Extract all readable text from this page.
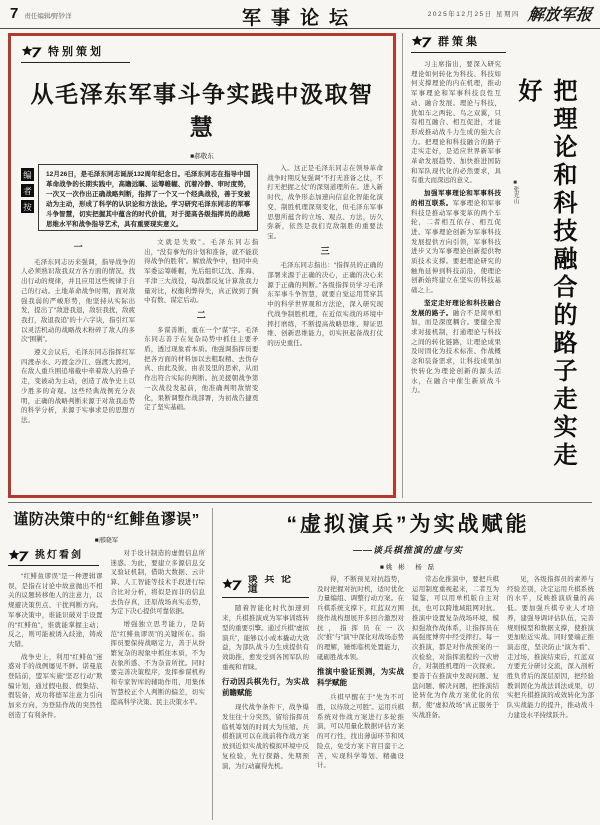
7 责任编辑/野钞洋	军事论坛	2025年12月25日 星期四 解放军报
特别策划
从毛泽东军事斗争实践中汲取智慧
■郝敬东
编
者
按
12月26日，是毛泽东同志诞辰132周年纪念日。毛泽东同志在指导中国革命战争的长期实践中，高瞻远瞩、运筹帷幄、沉着冷静、审时度势，一次又一次作出正确战略判断，指挥了一个又一个经典战役，善于变被动为主动，形成了科学的认识论和方法论。学习研究毛泽东同志的军事斗争智慧，切实把握其中蕴含的时代价值，对于提高各级指挥员的战略思维水平和战争指导艺术，具有重要现实意义。
一

毛泽东同志历来强调，指导战争的人必须熟识敌我双方各方面的情况，找出行动的规律，并且应用这些规律于自己的行动。土地革命战争时期，面对敌强我弱的严峻形势，他坚持从实际出发，提出了“敌进我退，敌驻我扰，敌疲我打，敌退我追”的十六字诀，指引红军以灵活机动的战略战术粉碎了敌人的多次“围剿”。

遵义会议后，毛泽东同志指挥红军四渡赤水、巧渡金沙江、强渡大渡河，在敌人重兵围追堵截中牵着敌人的鼻子走，变被动为主动，创造了战争史上以少胜多的奇观。这些经典战例充分表明，正确的战略判断来源于对敌我态势的科学分析，来源于实事求是的思想方法。

文就是失败”。毛泽东同志指出，“没有事先的计划和准备，就不能获得战争的胜利”。解放战争中，他同中央军委运筹帷幄，先后组织辽沈、淮海、平津三大战役，每战都反复计算敌我力量对比，权衡利弊得失，真正做到了胸中有数、谋定后动。

二

多谋善断，重在一个“谋”字。毛泽东同志善于在复杂局势中抓住主要矛盾，透过现象看本质。他强调指挥员要把各方面的材料加以去粗取精、去伪存真、由此及彼、由表及里的思索，从而作出符合实际的判断。抗美援朝战争第一次战役发起前，他准确判明敌情变化，果断调整作战部署，为初战告捷奠定了坚实基础。

入。这正是毛泽东同志在领导革命战争时期反复强调“不打无准备之仗，不打无把握之仗”的深刻道理所在。进入新时代，战争形态加速向信息化智能化演变，制胜机理深刻变化，但毛泽东军事思想所蕴含的立场、观点、方法，历久弥新，依然是我们克敌制胜的重要法宝。

三

毛泽东同志指出：“指挥员的正确的部署来源于正确的决心，正确的决心来源于正确的判断。”各级指挥员学习毛泽东军事斗争智慧，就要自觉运用贯穿其中的科学世界观和方法论，深入研究现代战争制胜机理，在近似实战的环境中摔打磨练，不断提高战略思维、辩证思维、创新思维能力，切实担起备战打仗的历史重任。

群策集

习主席指出，要深入研究理论如何转化为科技、科技如何支撑理论的内在机理，推动军事理论和军事科技良性互动、融合发展。理论与科技，犹如车之两轮、鸟之双翼，只有相互融合、相互促进，才能形成推动战斗力生成的强大合力。把理论和科技融合的路子走实走好，是适应世界新军事革命发展趋势、加快推进国防和军队现代化的必然要求，具有重大而深远的意义。

加强军事理论和军事科技的相互联系。军事理论和军事科技是推动军事变革的两个车轮，二者相互依存、相互促进。军事理论创新为军事科技发展提供方向引领，军事科技进步又为军事理论创新提供物质技术支撑。要把理论研究的触角延伸到科技前沿，使理论创新始终建立在坚实的科技基础之上。

坚定走好理论和科技融合发展的路子。融合不是简单相加，而是深度耦合。要健全需求对接机制，打通理论与科技之间的转化链路，让理论成果及时固化为技术标准、作战概念和装备需求，让科技成果加快转化为理论创新的源头活水，在融合中催生新质战斗力。

■张光山	把理论和科技融合的路子走实走好
谨防决策中的“红鲱鱼谬误”
■邢晓军
挑灯看剑

“红鲱鱼谬误”是一种逻辑谬误，是指在讨论中故意抛出不相关的议题转移他人的注意力，以规避决策焦点、干扰判断方向。军事决策中，谁能识破对手设置的“红鲱鱼”，谁就能掌握主动；反之，则可能被诱入歧途，铸成大错。

战争史上，利用“红鲱鱼”迷惑对手的战例屡见不鲜。诺曼底登陆前，盟军实施“坚忍行动”欺骗计划，通过假电报、假集结、假装备，成功将德军注意力引向加来方向，为登陆作战的突然性创造了有利条件。

对手设计制造的虚假信息所迷惑。为此，要建立多源信息交叉验证机制，借助大数据、云计算、人工智能等技术手段进行综合比对分析，将似是而非的信息去伪存真，还原战场真实态势，为定下决心提供可靠依据。

增强独立思考能力，是防范“红鲱鱼谬误”的关键所在。指挥员要保持战略定力，善于从纷繁复杂的现象中抓住本质，不为表象所惑、不为杂音所扰。同时要完善决策程序，发挥参谋机构和专家智库的辅助作用，用集体智慧校正个人判断的偏差，切实提高科学决策、民主决策水平。

“虚拟演兵”为实战赋能
——谈兵棋推演的虚与实
■姚 彬　杨 磊
谈兵论道

随着智能化时代加速到来，兵棋推演成为军事训练转型的重要引擎。通过兵棋“虚拟演兵”，能够以小成本撬动大效益，为部队战斗力生成提供有效助推，愈发受到各国军队的重视和青睐。

行动因兵棋先行，为实战前瞻赋能

现代战争条件下，战争爆发往往十分突然，留给指挥员临机筹划的时间大为压缩。兵棋推演可以在战前将作战方案放到近似实战的模拟环境中反复检验，先行探路、先期预演，为行动赢得先机。

得，不断预见对抗趋势，及时把握对抗时机，适时优化力量编组、调整行动方案。在兵棋系统支撑下，红蓝双方围绕作战构想展开多回合激烈对抗，指挥员在一次次“推”与“演”中深化对战场态势的理解，锤炼临机处置能力，砥砺胜战本领。

推演中验证预测，为实战科学赋能

兵棋早醒在于“先为不可胜，以待敌之可胜”。运用兵棋系统对作战方案进行多轮推演，可以用量化数据评估方案的可行性，找出薄弱环节和风险点，免受方案下盲目蛮干之苦，实现科学筹划、精确设计。

常态化推演中，要把兵棋运用制度重视起来，二者互为镜鉴，可以用单机版自主对抗，也可以跨地域组网对抗。推演中设置复杂战场环境，模拟强敌作战体系，让指挥员在高强度博弈中经受摔打。每一次推演，都是对作战预案的一次检验，对指挥流程的一次磨合，对制胜机理的一次探索。要善于在推演中发现问题、复盘问题、解决问题，把推演结论转化为作战方案优化的依据，使“虚拟战场”真正服务于实战准备。

见，各级指挥员的素养与经验差别，决定运用兵棋系统的水平，反映推演质量的高低。要加强兵棋专业人才培养，建强导调评估队伍，完善规则模型和数据支撑，使推演更加贴近实战。同时要端正推演态度，坚决防止“演为看”、走过场，推演结束后，红蓝双方要充分研讨交流，深入剖析胜负背后的深层原因，把经验教训固化为战法训法成果，切实把兵棋推演的成效转化为部队实战能力的提升，推动战斗力建设水平持续跃升。
